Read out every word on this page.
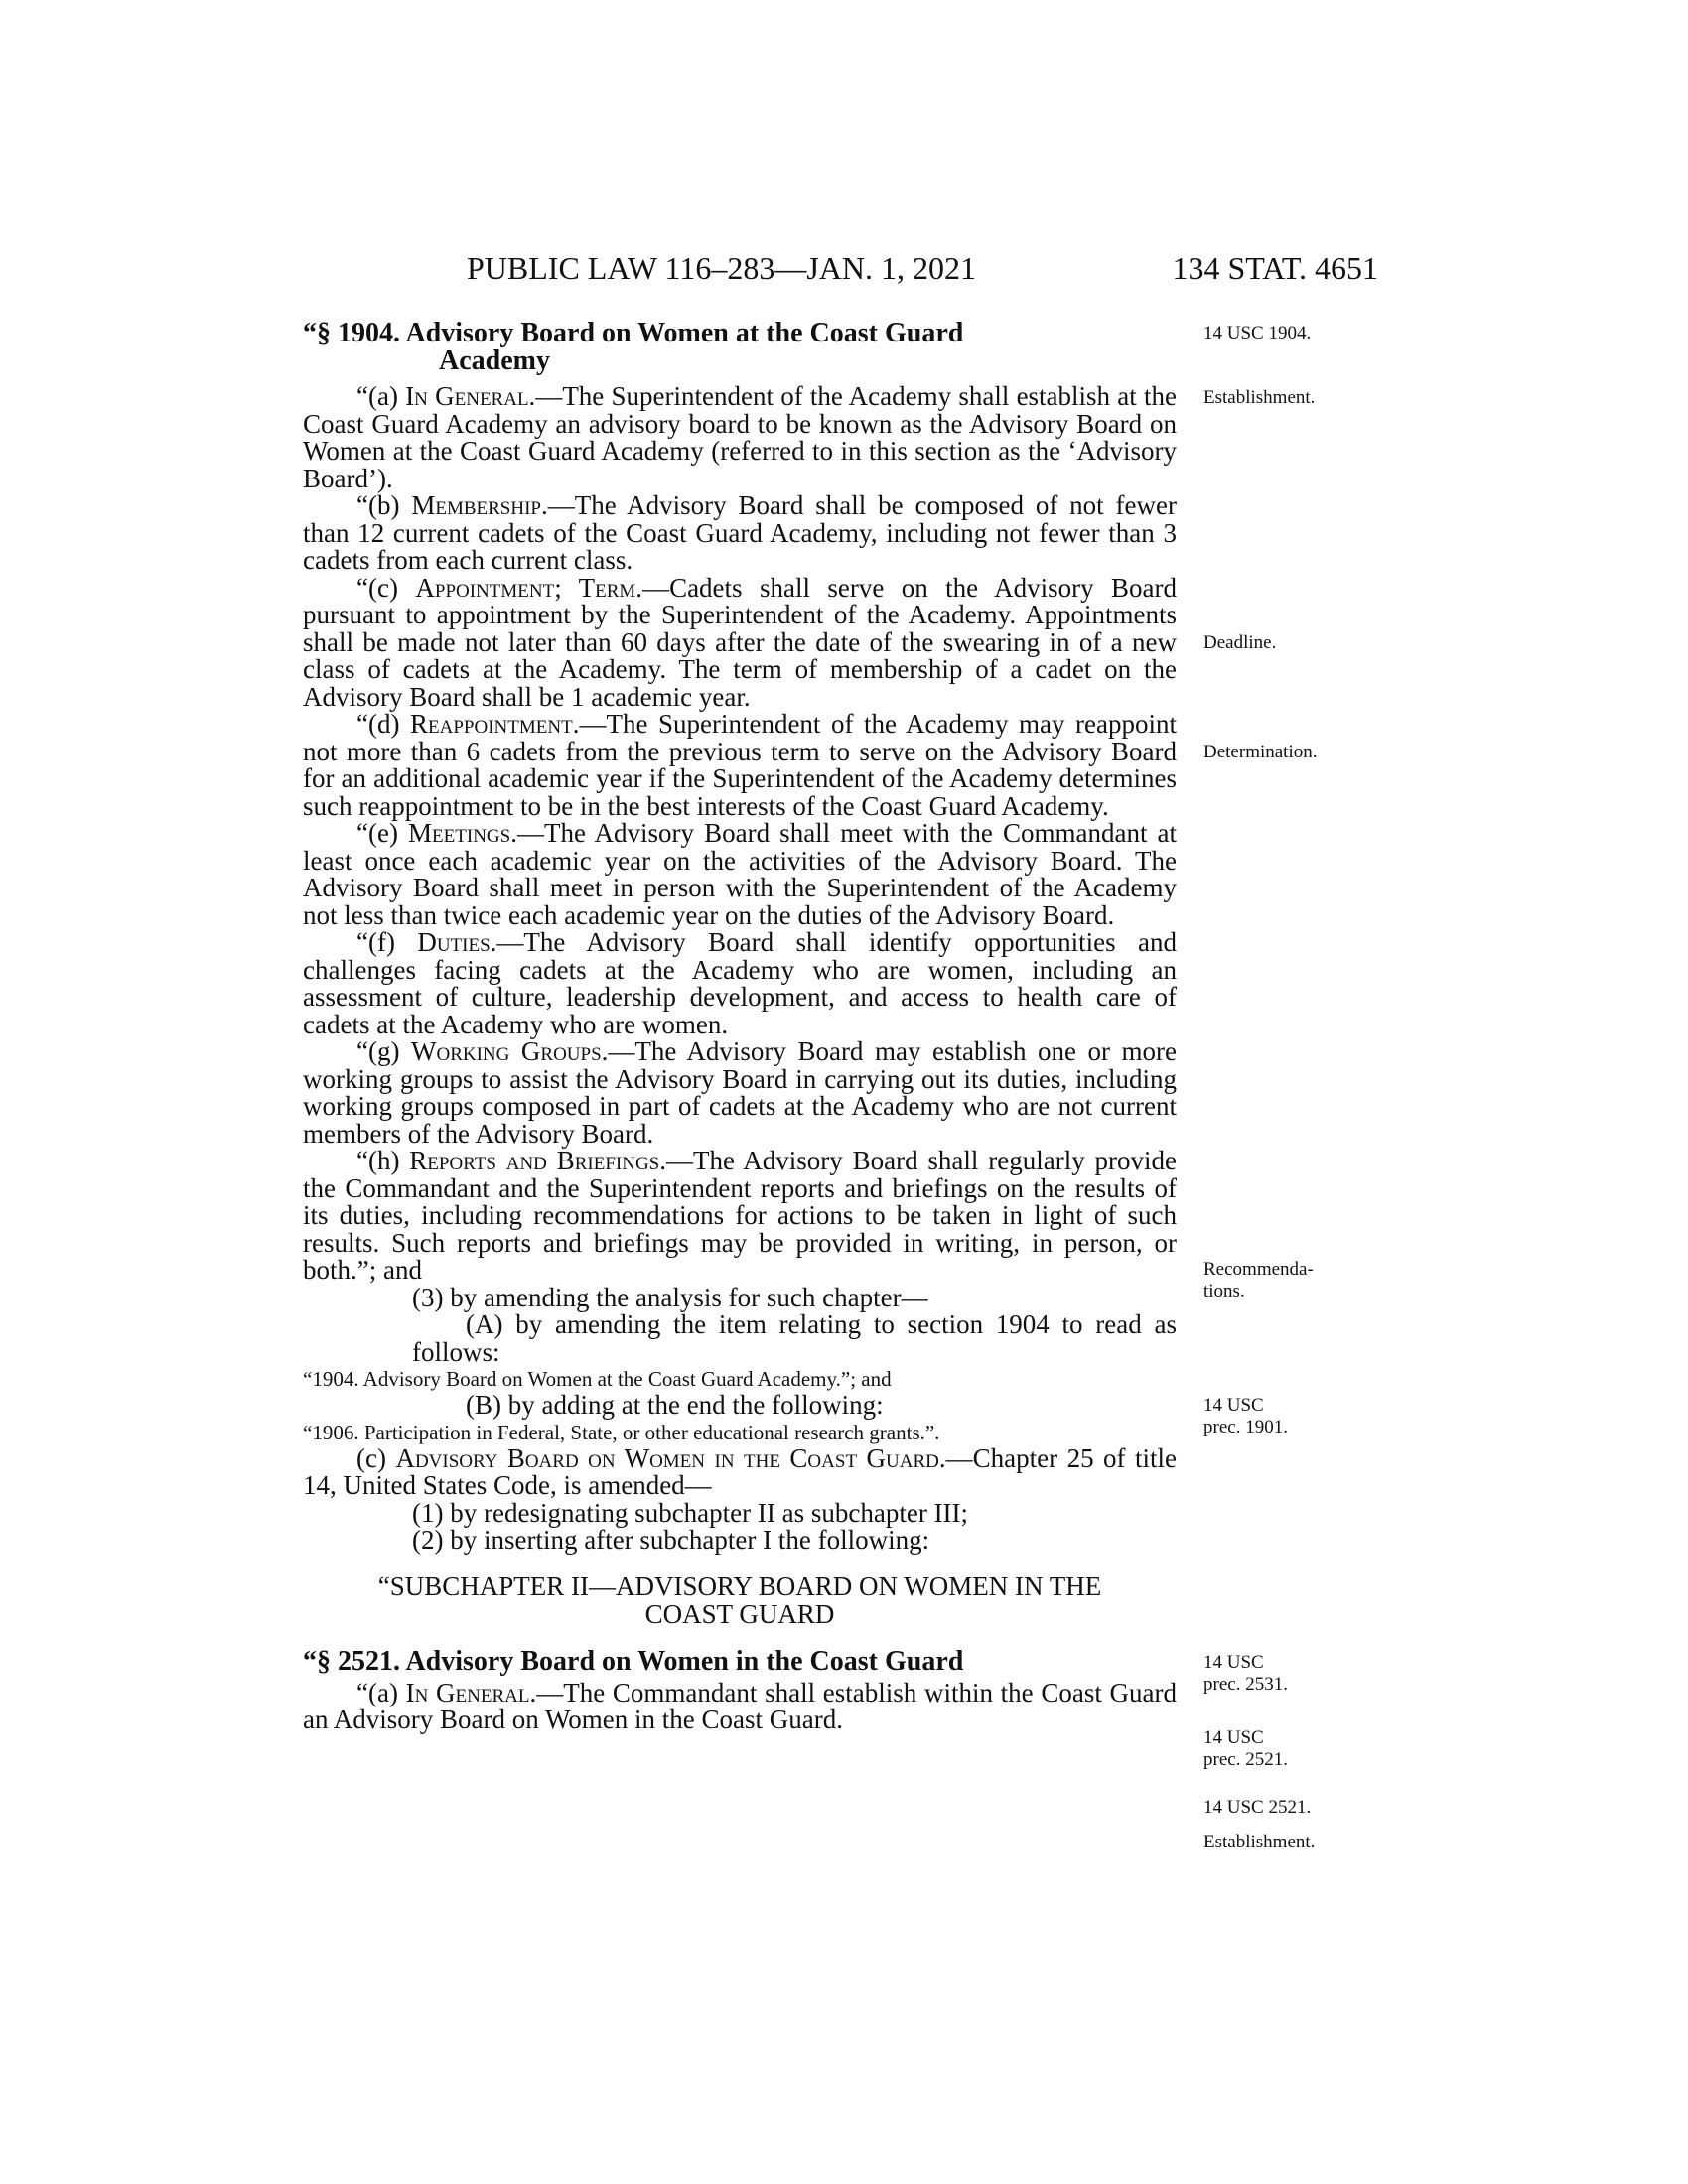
PUBLIC LAW 116–283—JAN. 1, 2021	134 STAT. 4651
“§ 1904. Advisory Board on Women at the Coast Guard
Academy

“(a) In General.—The Superintendent of the Academy shall establish at the Coast Guard Academy an advisory board to be known as the Advisory Board on Women at the Coast Guard Academy (referred to in this section as the ‘Advisory Board’).

“(b) Membership.—The Advisory Board shall be composed of not fewer than 12 current cadets of the Coast Guard Academy, including not fewer than 3 cadets from each current class.

“(c) Appointment; Term.—Cadets shall serve on the Advisory Board pursuant to appointment by the Superintendent of the Academy. Appointments shall be made not later than 60 days after the date of the swearing in of a new class of cadets at the Academy. The term of membership of a cadet on the Advisory Board shall be 1 academic year.

“(d) Reappointment.—The Superintendent of the Academy may reappoint not more than 6 cadets from the previous term to serve on the Advisory Board for an additional academic year if the Superintendent of the Academy determines such reappointment to be in the best interests of the Coast Guard Academy.

“(e) Meetings.—The Advisory Board shall meet with the Commandant at least once each academic year on the activities of the Advisory Board. The Advisory Board shall meet in person with the Superintendent of the Academy not less than twice each academic year on the duties of the Advisory Board.

“(f) Duties.—The Advisory Board shall identify opportunities and challenges facing cadets at the Academy who are women, including an assessment of culture, leadership development, and access to health care of cadets at the Academy who are women.

“(g) Working Groups.—The Advisory Board may establish one or more working groups to assist the Advisory Board in carrying out its duties, including working groups composed in part of cadets at the Academy who are not current members of the Advisory Board.

“(h) Reports and Briefings.—The Advisory Board shall regularly provide the Commandant and the Superintendent reports and briefings on the results of its duties, including recommendations for actions to be taken in light of such results. Such reports and briefings may be provided in writing, in person, or both.”; and

(3) by amending the analysis for such chapter—

(A) by amending the item relating to section 1904 to read as follows:

“1904. Advisory Board on Women at the Coast Guard Academy.”; and

(B) by adding at the end the following:

“1906. Participation in Federal, State, or other educational research grants.”.

(c) Advisory Board on Women in the Coast Guard.—Chapter 25 of title 14, United States Code, is amended—

(1) by redesignating subchapter II as subchapter III;

(2) by inserting after subchapter I the following:

“SUBCHAPTER II—ADVISORY BOARD ON WOMEN IN THE
COAST GUARD
“§ 2521. Advisory Board on Women in the Coast Guard

“(a) In General.—The Commandant shall establish within the Coast Guard an Advisory Board on Women in the Coast Guard.

14 USC 1904.
Establishment.
Deadline.
Determination.
Recommenda-
tions.
14 USC
prec. 1901.
14 USC
prec. 2531.
14 USC
prec. 2521.
14 USC 2521.
Establishment.
